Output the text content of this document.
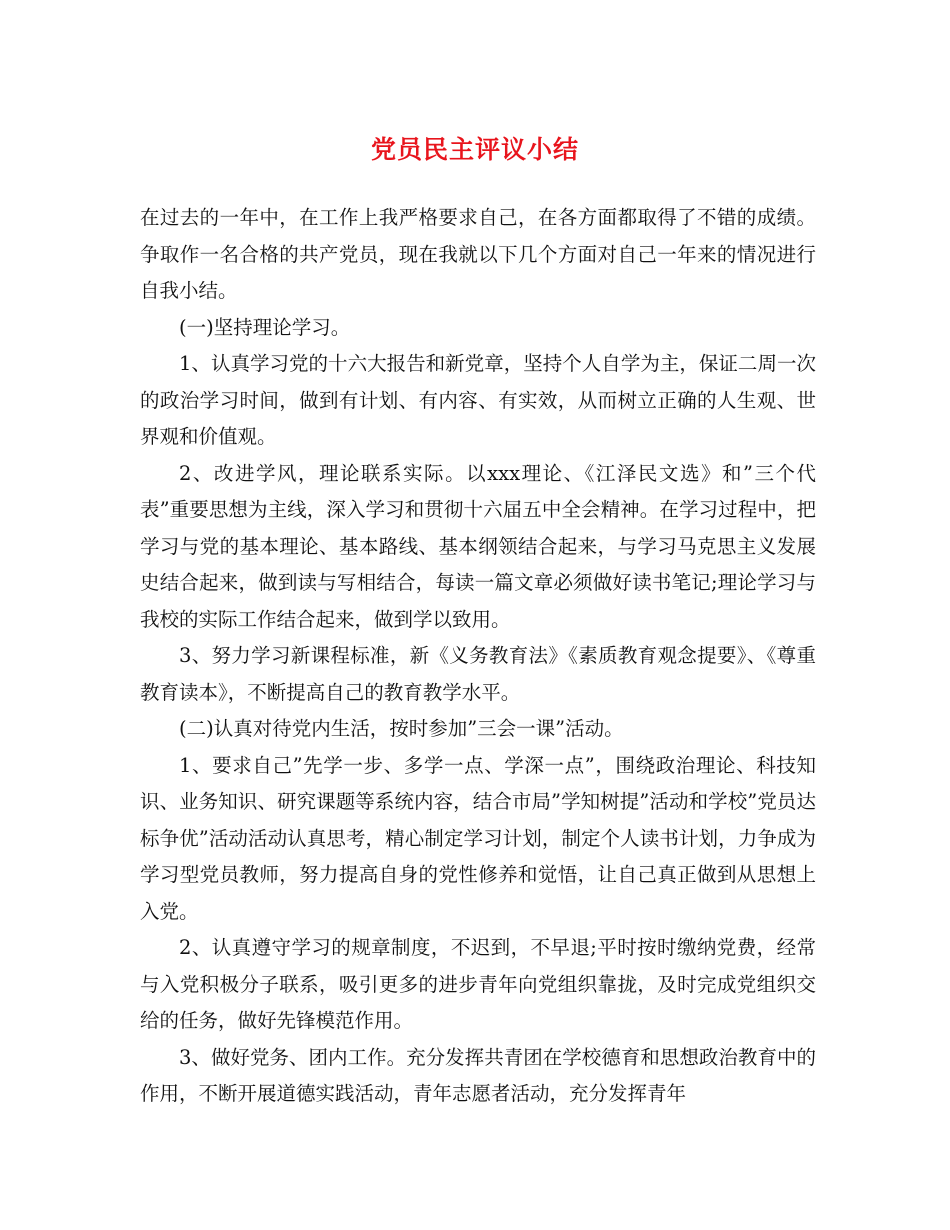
党员民主评议小结

在过去的一年中，在工作上我严格要求自己，在各方面都取得了不错的成绩。争取作一名合格的共产党员，现在我就以下几个方面对自己一年来的情况进行自我小结。

(一)坚持理论学习。

1、认真学习党的十六大报告和新党章，坚持个人自学为主，保证二周一次的政治学习时间，做到有计划、有内容、有实效，从而树立正确的人生观、世界观和价值观。

2、改进学风，理论联系实际。以xxx理论、《江泽民文选》和”三个代表”重要思想为主线，深入学习和贯彻十六届五中全会精神。在学习过程中，把学习与党的基本理论、基本路线、基本纲领结合起来，与学习马克思主义发展史结合起来，做到读与写相结合，每读一篇文章必须做好读书笔记;理论学习与我校的实际工作结合起来，做到学以致用。

3、努力学习新课程标准，新《义务教育法》《素质教育观念提要》、《尊重教育读本》，不断提高自己的教育教学水平。

(二)认真对待党内生活，按时参加”三会一课”活动。

1、要求自己”先学一步、多学一点、学深一点”，围绕政治理论、科技知识、业务知识、研究课题等系统内容，结合市局”学知树提”活动和学校”党员达标争优”活动活动认真思考，精心制定学习计划，制定个人读书计划，力争成为学习型党员教师，努力提高自身的党性修养和觉悟，让自己真正做到从思想上入党。

2、认真遵守学习的规章制度，不迟到，不早退;平时按时缴纳党费，经常与入党积极分子联系，吸引更多的进步青年向党组织靠拢，及时完成党组织交给的任务，做好先锋模范作用。

3、做好党务、团内工作。充分发挥共青团在学校德育和思想政治教育中的作用，不断开展道德实践活动，青年志愿者活动，充分发挥青年
